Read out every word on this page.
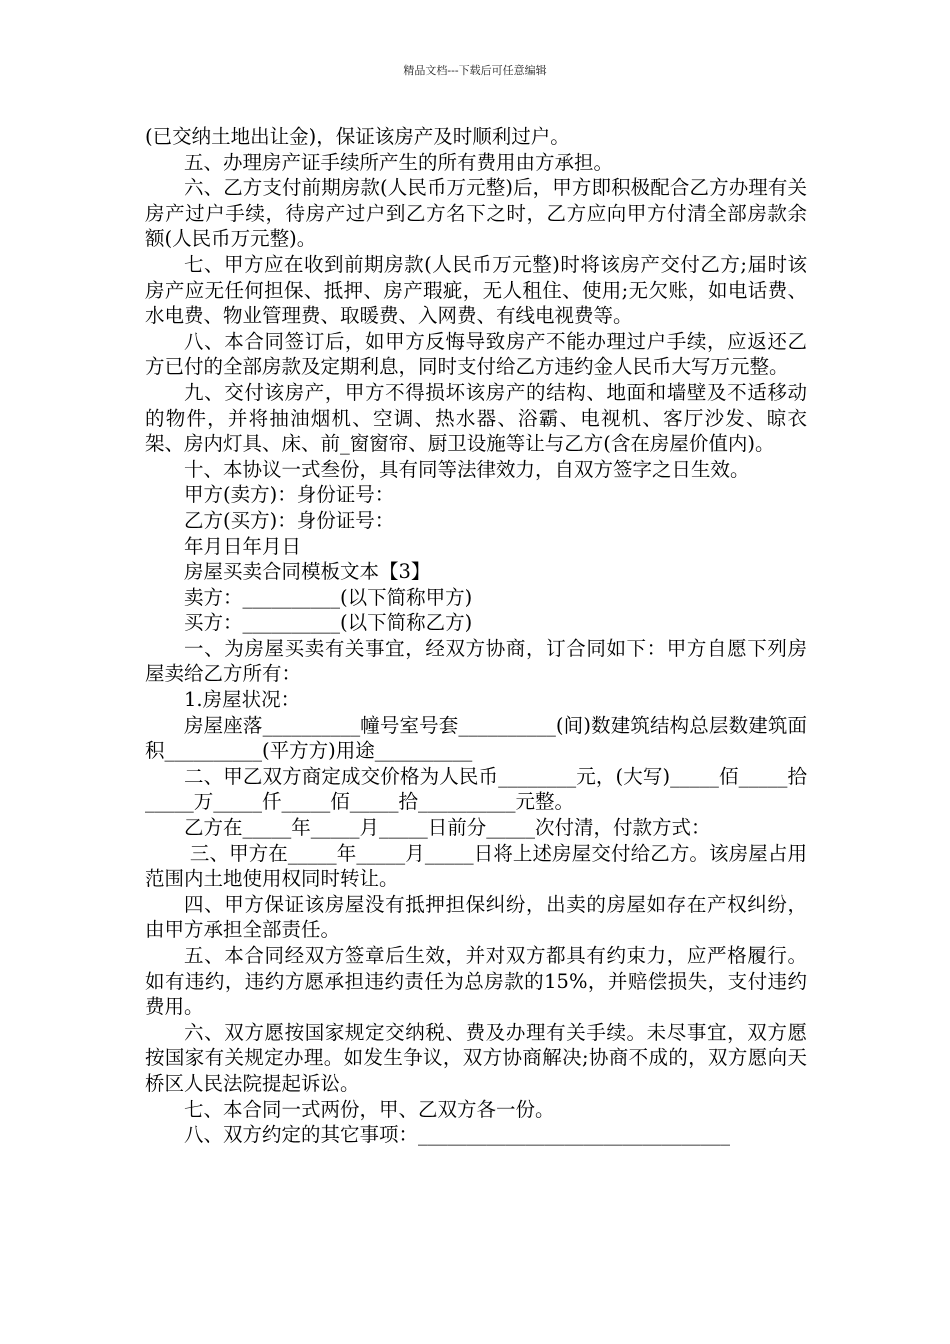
精品文档---下载后可任意编辑

(已交纳土地出让金)，保证该房产及时顺利过户。

五、办理房产证手续所产生的所有费用由方承担。

六、乙方支付前期房款(人民币万元整)后，甲方即积极配合乙方办理有关房产过户手续，待房产过户到乙方名下之时，乙方应向甲方付清全部房款余额(人民币万元整)。

七、甲方应在收到前期房款(人民币万元整)时将该房产交付乙方;届时该房产应无任何担保、抵押、房产瑕疵，无人租住、使用;无欠账，如电话费、水电费、物业管理费、取暖费、入网费、有线电视费等。

八、本合同签订后，如甲方反悔导致房产不能办理过户手续，应返还乙方已付的全部房款及定期利息，同时支付给乙方违约金人民币大写万元整。

九、交付该房产，甲方不得损坏该房产的结构、地面和墙壁及不适移动的物件，并将抽油烟机、空调、热水器、浴霸、电视机、客厅沙发、晾衣架、房内灯具、床、前_窗窗帘、厨卫设施等让与乙方(含在房屋价值内)。

十、本协议一式叁份，具有同等法律效力，自双方签字之日生效。

甲方(卖方)：身份证号：

乙方(买方)：身份证号：

年月日年月日

房屋买卖合同模板文本【3】

卖方：__________(以下简称甲方)

买方：__________(以下简称乙方)

一、为房屋买卖有关事宜，经双方协商，订合同如下：甲方自愿下列房屋卖给乙方所有：

1.房屋状况：

房屋座落__________幢号室号套__________(间)数建筑结构总层数建筑面积__________(平方方)用途__________

二、甲乙双方商定成交价格为人民币________元，(大写)_____佰_____拾_____万_____仟_____佰_____拾__________元整。

乙方在_____年_____月_____日前分_____次付清，付款方式：

三、甲方在_____年_____月_____日将上述房屋交付给乙方。该房屋占用范围内土地使用权同时转让。

四、甲方保证该房屋没有抵押担保纠纷，出卖的房屋如存在产权纠纷，由甲方承担全部责任。

五、本合同经双方签章后生效，并对双方都具有约束力，应严格履行。如有违约，违约方愿承担违约责任为总房款的15%，并赔偿损失，支付违约费用。

六、双方愿按国家规定交纳税、费及办理有关手续。未尽事宜，双方愿按国家有关规定办理。如发生争议，双方协商解决;协商不成的，双方愿向天桥区人民法院提起诉讼。

七、本合同一式两份，甲、乙双方各一份。

八、双方约定的其它事项：________________________________
